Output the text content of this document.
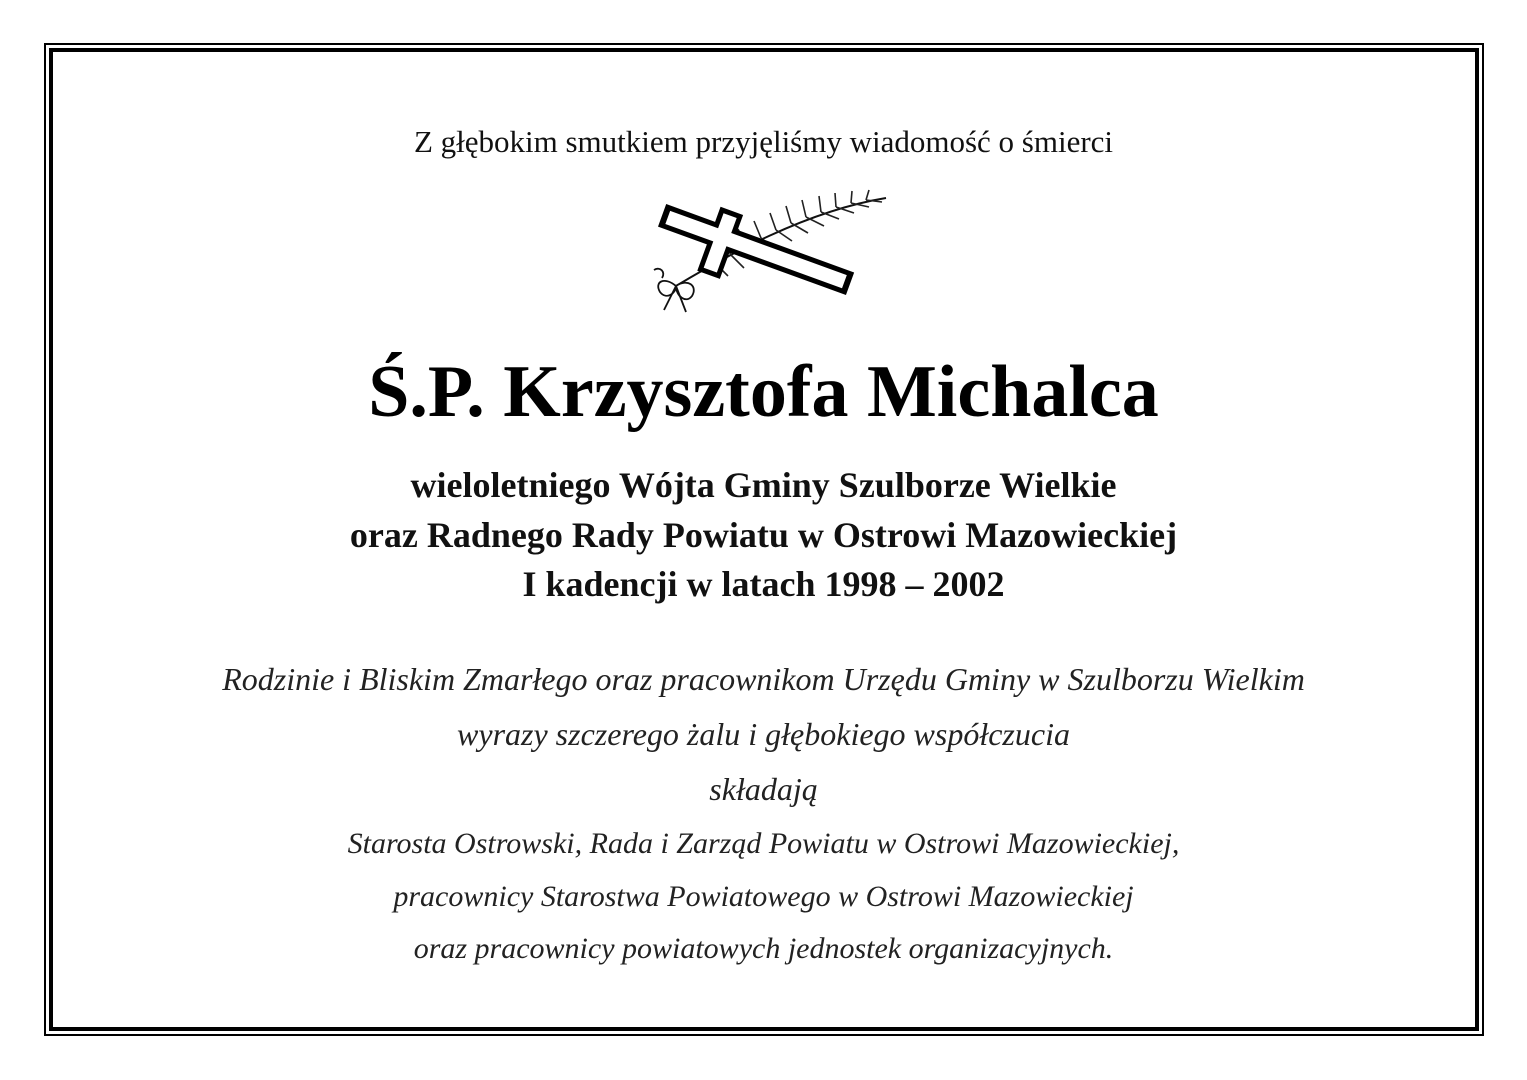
Z głębokim smutkiem przyjęliśmy wiadomość o śmierci

Ś.P. Krzysztofa Michalca

wieloletniego Wójta Gminy Szulborze Wielkie

oraz Radnego Rady Powiatu w Ostrowi Mazowieckiej

I kadencji w latach 1998 – 2002

Rodzinie i Bliskim Zmarłego oraz pracownikom Urzędu Gminy w Szulborzu Wielkim

wyrazy szczerego żalu i głębokiego współczucia

składają

Starosta Ostrowski, Rada i Zarząd Powiatu w Ostrowi Mazowieckiej,

pracownicy Starostwa Powiatowego w Ostrowi Mazowieckiej

oraz pracownicy powiatowych jednostek organizacyjnych.
